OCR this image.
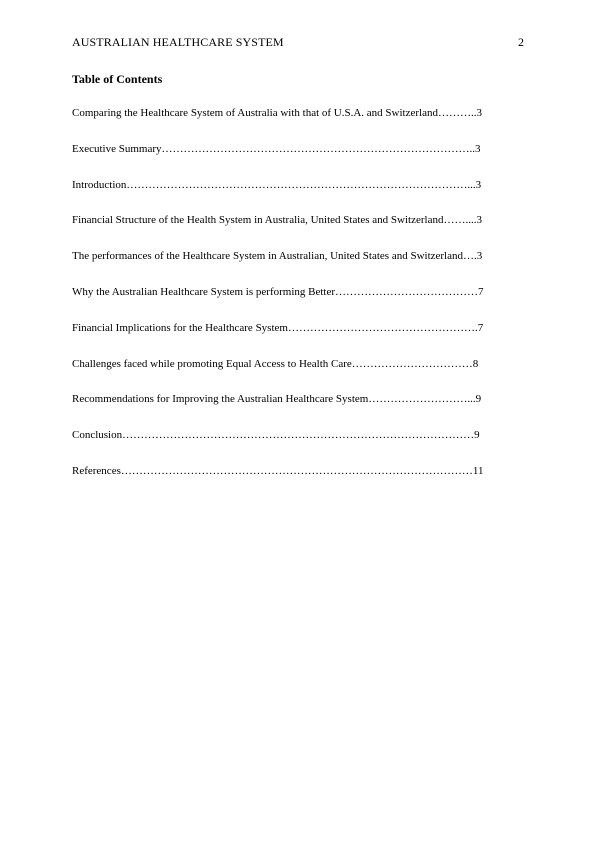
AUSTRALIAN HEALTHCARE SYSTEM	2
Table of Contents
Comparing the Healthcare System of Australia with that of U.S.A. and Switzerland………..3
Executive Summary…………………………………………………………………………..3
Introduction…………………………………………………………………………………...3
Financial Structure of the Health System in Australia, United States and Switzerland……....3
The performances of the Healthcare System in Australian, United States and Switzerland….3
Why the Australian Healthcare System is performing Better…………………………………7
Financial Implications for the Healthcare System…………………………………………….7
Challenges faced while promoting Equal Access to Health Care……………………………8
Recommendations for Improving the Australian Healthcare System………………………...9
Conclusion……………………………………………………………………………………9
References……………………………………………………………………………………11
